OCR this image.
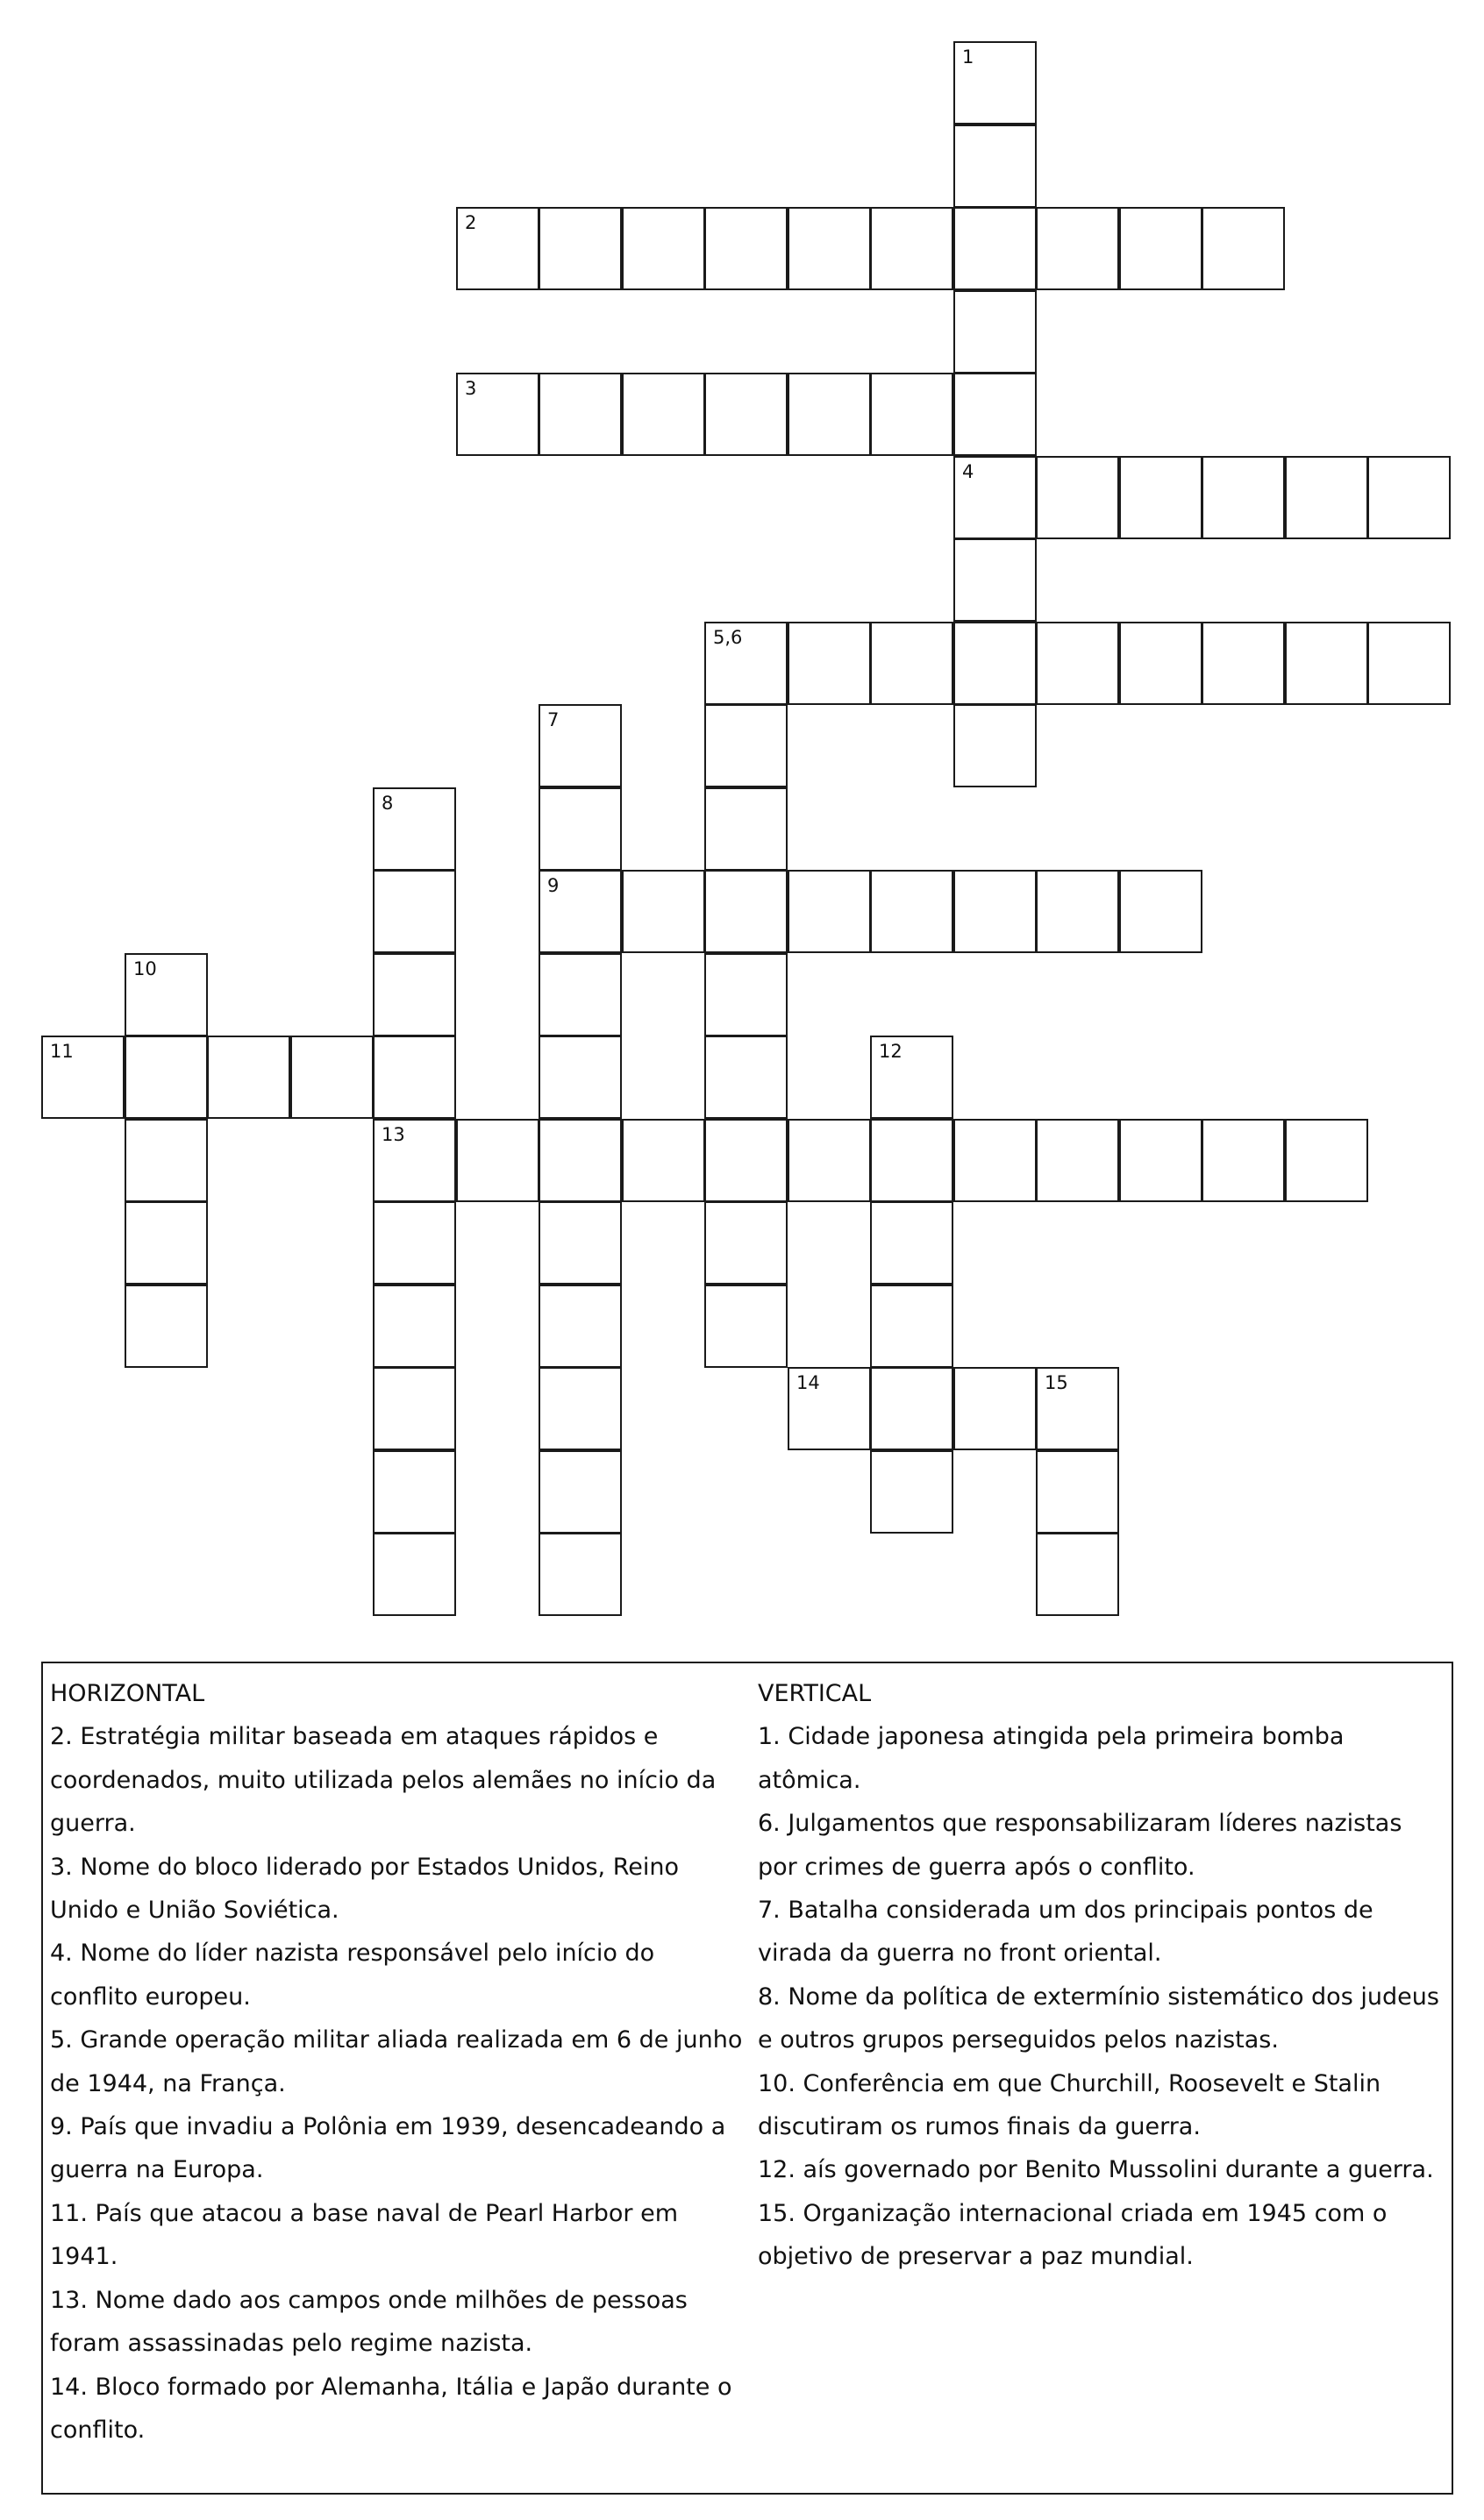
1
2
3
4
5,6
7
8
9
10
11	12
13
14	15
HORIZONTAL
2. Estratégia militar baseada em ataques rápidos e
coordenados, muito utilizada pelos alemães no início da
guerra.
3. Nome do bloco liderado por Estados Unidos, Reino
Unido e União Soviética.
4. Nome do líder nazista responsável pelo início do
conflito europeu.
5. Grande operação militar aliada realizada em 6 de junho
de 1944, na França.
9. País que invadiu a Polônia em 1939, desencadeando a
guerra na Europa.
11. País que atacou a base naval de Pearl Harbor em
1941.
13. Nome dado aos campos onde milhões de pessoas
foram assassinadas pelo regime nazista.
14. Bloco formado por Alemanha, Itália e Japão durante o
conflito.
VERTICAL
1. Cidade japonesa atingida pela primeira bomba atômica.
6. Julgamentos que responsabilizaram líderes nazistas
por crimes de guerra após o conflito.
7. Batalha considerada um dos principais pontos de
virada da guerra no front oriental.
8. Nome da política de extermínio sistemático dos judeus
e outros grupos perseguidos pelos nazistas.
10. Conferência em que Churchill, Roosevelt e Stalin
discutiram os rumos finais da guerra.
12. aís governado por Benito Mussolini durante a guerra.
15. Organização internacional criada em 1945 com o
objetivo de preservar a paz mundial.
